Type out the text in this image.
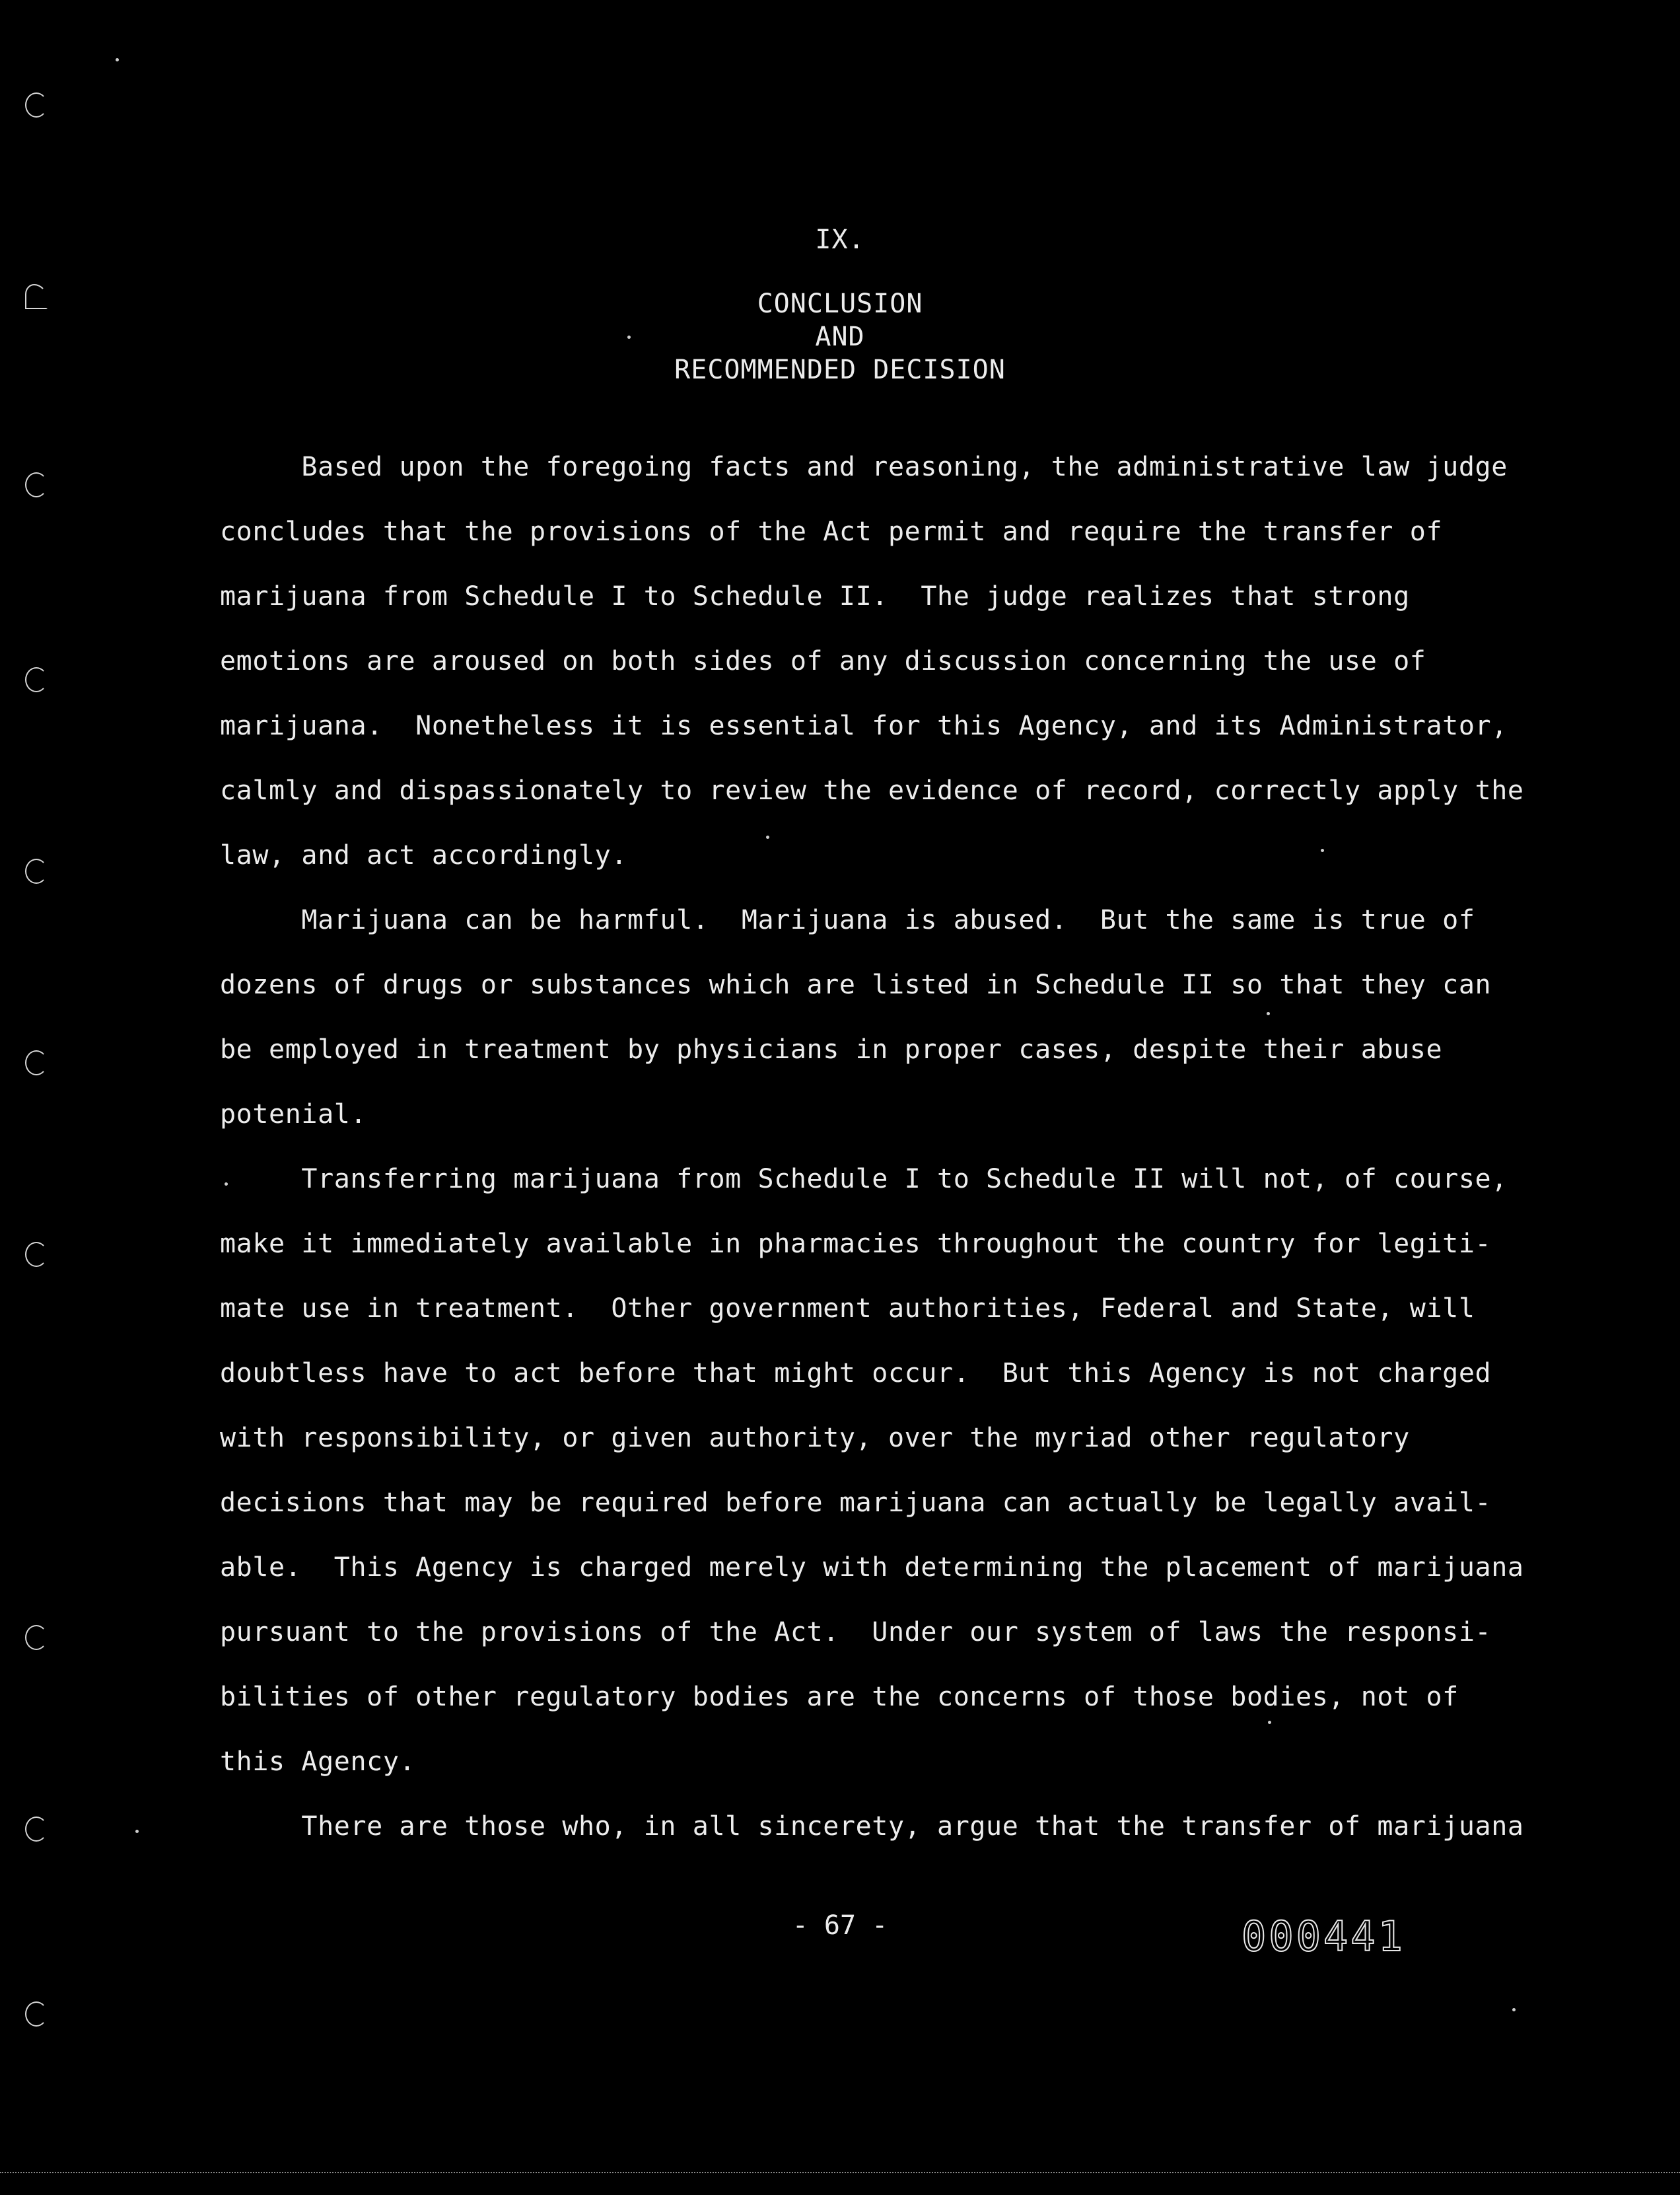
IX.
CONCLUSION
AND
RECOMMENDED DECISION

Based upon the foregoing facts and reasoning, the administrative law judge

concludes that the provisions of the Act permit and require the transfer of

marijuana from Schedule I to Schedule II.  The judge realizes that strong

emotions are aroused on both sides of any discussion concerning the use of

marijuana.  Nonetheless it is essential for this Agency, and its Administrator,

calmly and dispassionately to review the evidence of record, correctly apply the

law, and act accordingly.

Marijuana can be harmful.  Marijuana is abused.  But the same is true of

dozens of drugs or substances which are listed in Schedule II so that they can

be employed in treatment by physicians in proper cases, despite their abuse

potenial.

Transferring marijuana from Schedule I to Schedule II will not, of course,

make it immediately available in pharmacies throughout the country for legiti-

mate use in treatment.  Other government authorities, Federal and State, will

doubtless have to act before that might occur.  But this Agency is not charged

with responsibility, or given authority, over the myriad other regulatory

decisions that may be required before marijuana can actually be legally avail-

able.  This Agency is charged merely with determining the placement of marijuana

pursuant to the provisions of the Act.  Under our system of laws the responsi-

bilities of other regulatory bodies are the concerns of those bodies, not of

this Agency.

There are those who, in all sincerety, argue that the transfer of marijuana

- 67 -	000441
